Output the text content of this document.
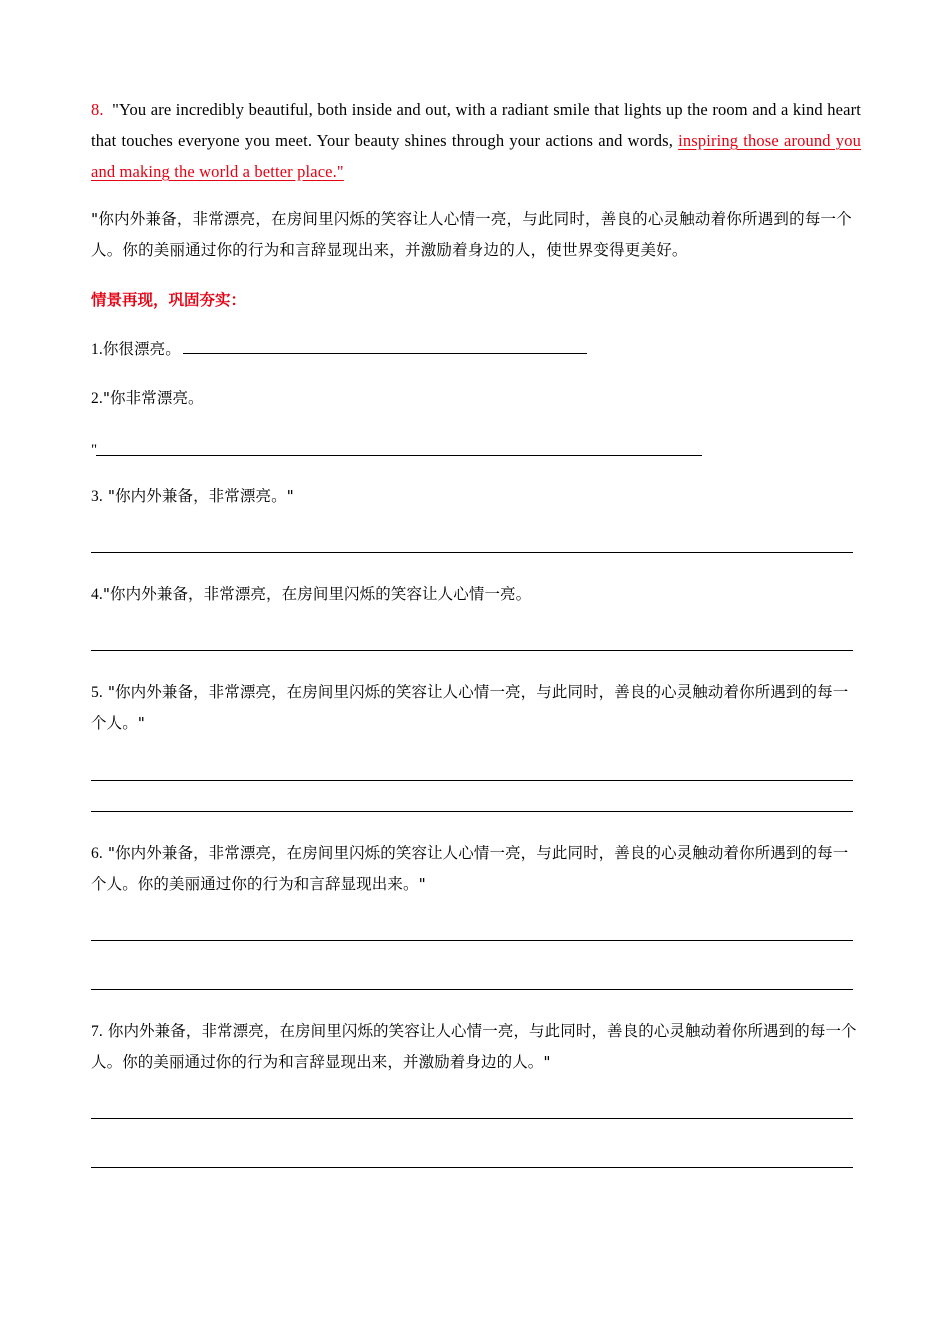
8. "You are incredibly beautiful, both inside and out, with a radiant smile that lights up the room and a kind heart that touches everyone you meet. Your beauty shines through your actions and words, inspiring those around you and making the world a better place."
"你内外兼备，非常漂亮，在房间里闪烁的笑容让人心情一亮，与此同时，善良的心灵触动着你所遇到的每一个人。你的美丽通过你的行为和言辞显现出来，并激励着身边的人，使世界变得更美好。
情景再现，巩固夯实：
1.你很漂亮。
2."你非常漂亮。
"
3. "你内外兼备，非常漂亮。"
4."你内外兼备，非常漂亮，在房间里闪烁的笑容让人心情一亮。
5. "你内外兼备，非常漂亮，在房间里闪烁的笑容让人心情一亮，与此同时，善良的心灵触动着你所遇到的每一个人。"
6. "你内外兼备，非常漂亮，在房间里闪烁的笑容让人心情一亮，与此同时，善良的心灵触动着你所遇到的每一个人。你的美丽通过你的行为和言辞显现出来。"
7. 你内外兼备，非常漂亮，在房间里闪烁的笑容让人心情一亮，与此同时，善良的心灵触动着你所遇到的每一个人。你的美丽通过你的行为和言辞显现出来，并激励着身边的人。"
